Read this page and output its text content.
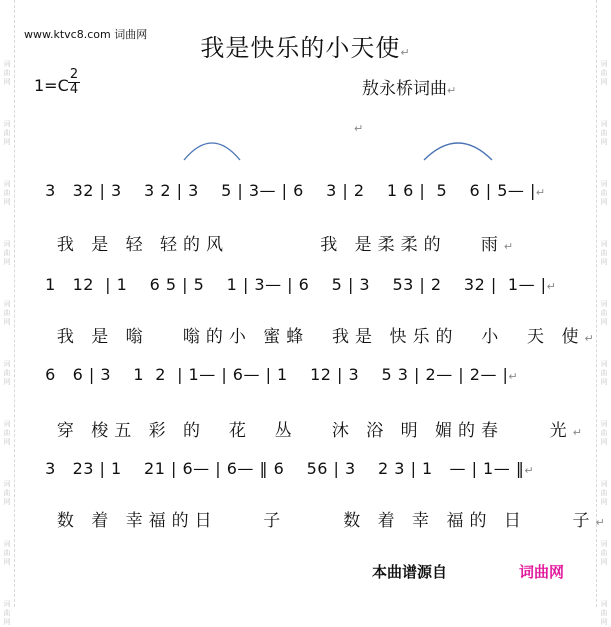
词
曲
网
词
曲
网
词
曲
网
词
曲
网
词
曲
网
词
曲
网
词
曲
网
词
曲
网
词
曲
网
词
曲
网
词
曲
网
词
曲
网
词
曲
网
词
曲
网
词
曲
网
词
曲
网
词
曲
网
词
曲
网
词
曲
网
词
曲
网
www.ktvc8.com 词曲网	我是快乐的小天使↵
$1=C \frac{2}{4}$	敖永桥词曲↵
↵

3   32 | 3    3 2 | 3    5 | 3— | 6    3 | 2    1 6 |  5    6 | 5— |↵

我 是 轻 轻的风        我 是柔柔的   雨↵

1   12  | 1    6 5 | 5    1 | 3— | 6    5 | 3    53 | 2    32 |  1— |↵

我 是 嗡   嗡的小 蜜蜂  我是 快乐的  小  天 使↵

6   6 | 3    1  2  | 1— | 6— | 1    12 | 3    5 3 | 2— | 2— |↵

穿 梭五 彩 的  花  丛   沐 浴 明 媚的春    光↵

3   23 | 1    21 | 6— | 6— ‖ 6    56 | 3    2 3 | 1   — | 1— ‖↵

数 着 幸福的日    子     数 着 幸 福的 日    子↵

本曲谱源自	词曲网
